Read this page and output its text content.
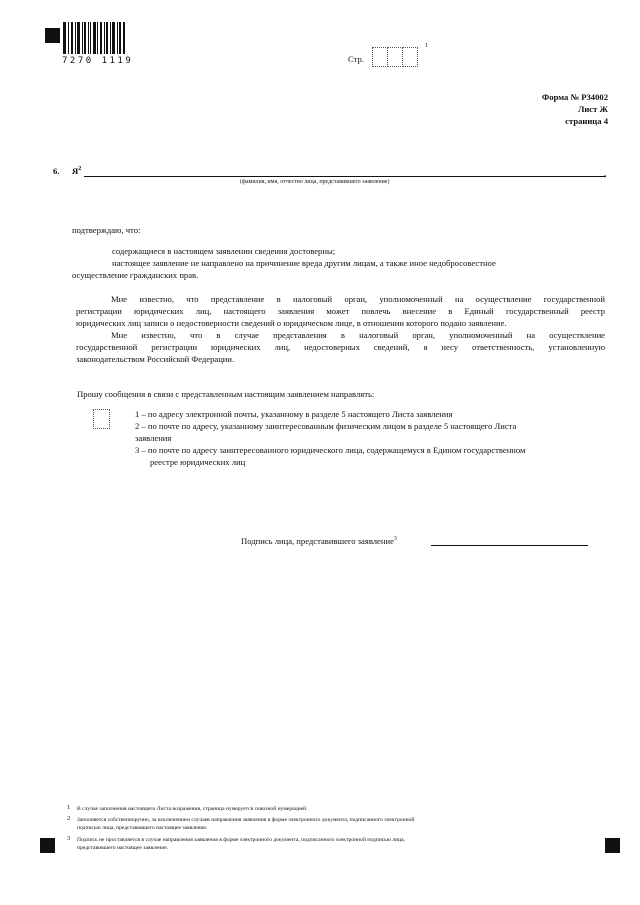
7270 1119	Стр.
1
Форма № Р34002
Лист Ж
страница 4
6. $Я^2$	,
(фамилия, имя, отчество лица, представившего заявление)
подтверждаю, что:
содержащиеся в настоящем заявлении сведения достоверны;
настоящее заявление не направлено на причинение вреда другим лицам, а также иное недобросовестное
осуществление гражданских прав.
Мне известно, что представление в налоговый орган, уполномоченный на осуществление государственной
регистрации юридических лиц, настоящего заявления может повлечь внесение в Единый государственный реестр
юридических лиц записи о недостоверности сведений о юридическом лице, в отношении которого подано заявление.
Мне известно, что в случае представления в налоговый орган, уполномоченный на осуществление
государственной регистрации юридических лиц, недостоверных сведений, я несу ответственность, установленную
законодательством Российской Федерации.
Прошу сообщения в связи с представленным настоящим заявлением направлять:
1 – по адресу электронной почты, указанному в разделе 5 настоящего Листа заявления
2 – по почте по адресу, указанному заинтересованным физическим лицом в разделе 5 настоящего Листа
заявления
3 – по почте по адресу заинтересованного юридического лица, содержащемуся в Едином государственном
реестре юридических лиц
Подпись лица, представившего заявление$^3$
1 В случае заполнения настоящего Листа возражения, страница нумеруется сквозной нумерацией.
2 Заполняется собственноручно, за исключением случаев направления заявления в форме электронного документа, подписанного электронной
подписью лица, представившего настоящее заявление.
3 Подпись не проставляется в случае направления заявления в форме электронного документа, подписанного электронной подписью лица,
представившего настоящее заявление.
